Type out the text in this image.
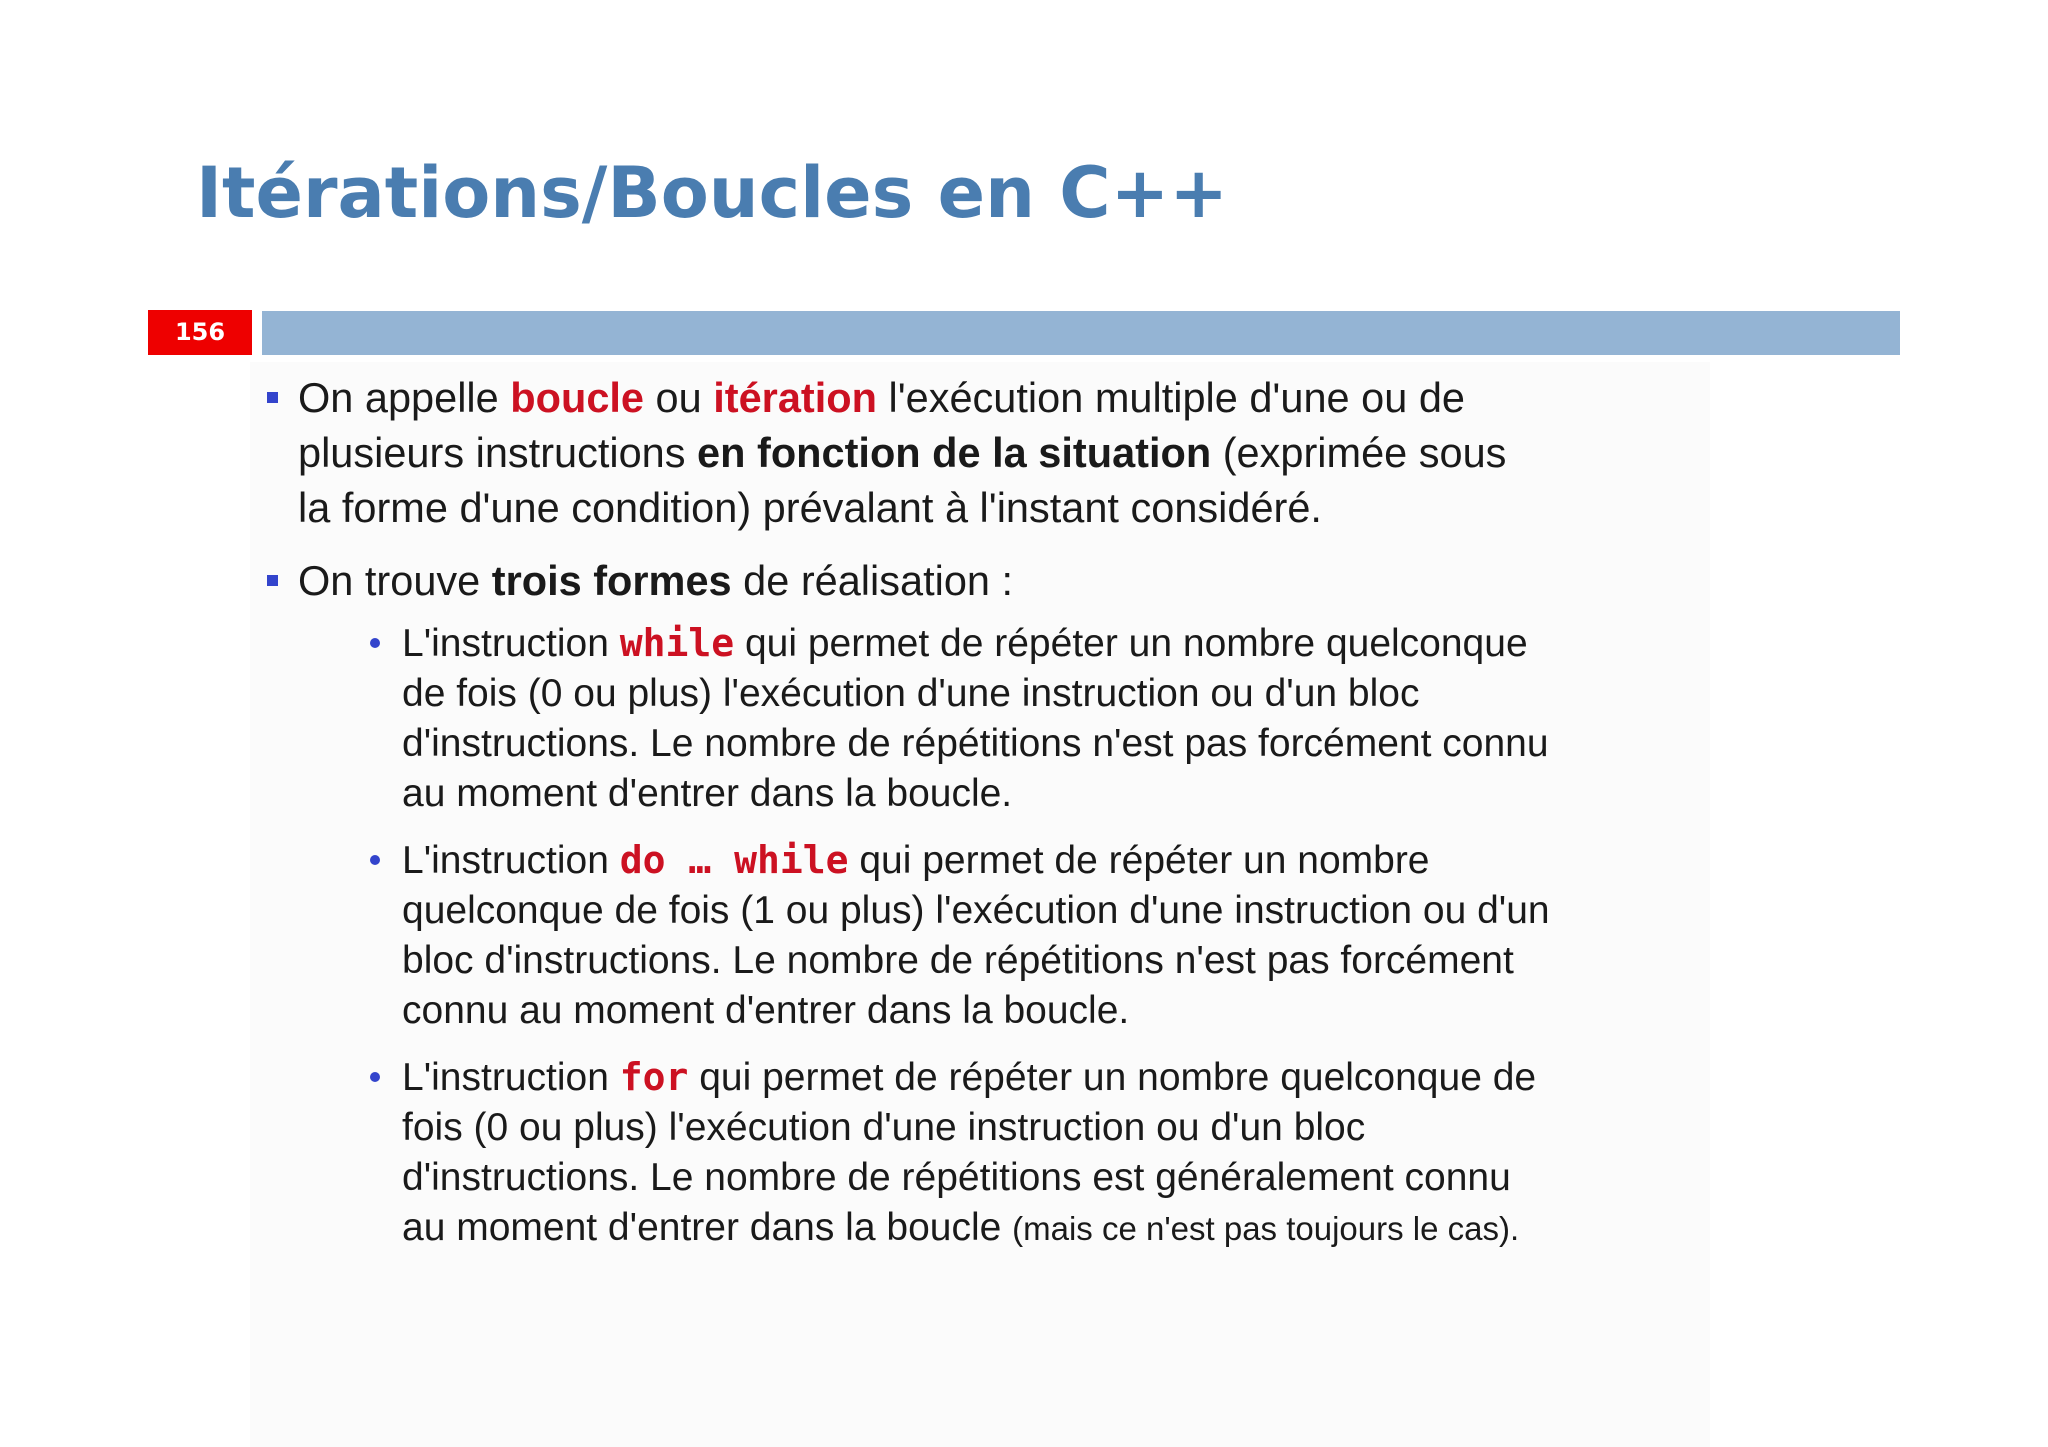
Itérations/Boucles en C++
156
On appelle boucle ou itération l'exécution multiple d'une ou de
plusieurs instructions en fonction de la situation (exprimée sous
la forme d'une condition) prévalant à l'instant considéré.
On trouve trois formes de réalisation :
L'instruction while qui permet de répéter un nombre quelconque
de fois (0 ou plus) l'exécution d'une instruction ou d'un bloc
d'instructions. Le nombre de répétitions n'est pas forcément connu
au moment d'entrer dans la boucle.
L'instruction do … while qui permet de répéter un nombre
quelconque de fois (1 ou plus) l'exécution d'une instruction ou d'un
bloc d'instructions. Le nombre de répétitions n'est pas forcément
connu au moment d'entrer dans la boucle.
L'instruction for qui permet de répéter un nombre quelconque de
fois (0 ou plus) l'exécution d'une instruction ou d'un bloc
d'instructions. Le nombre de répétitions est généralement connu
au moment d'entrer dans la boucle (mais ce n'est pas toujours le cas).
